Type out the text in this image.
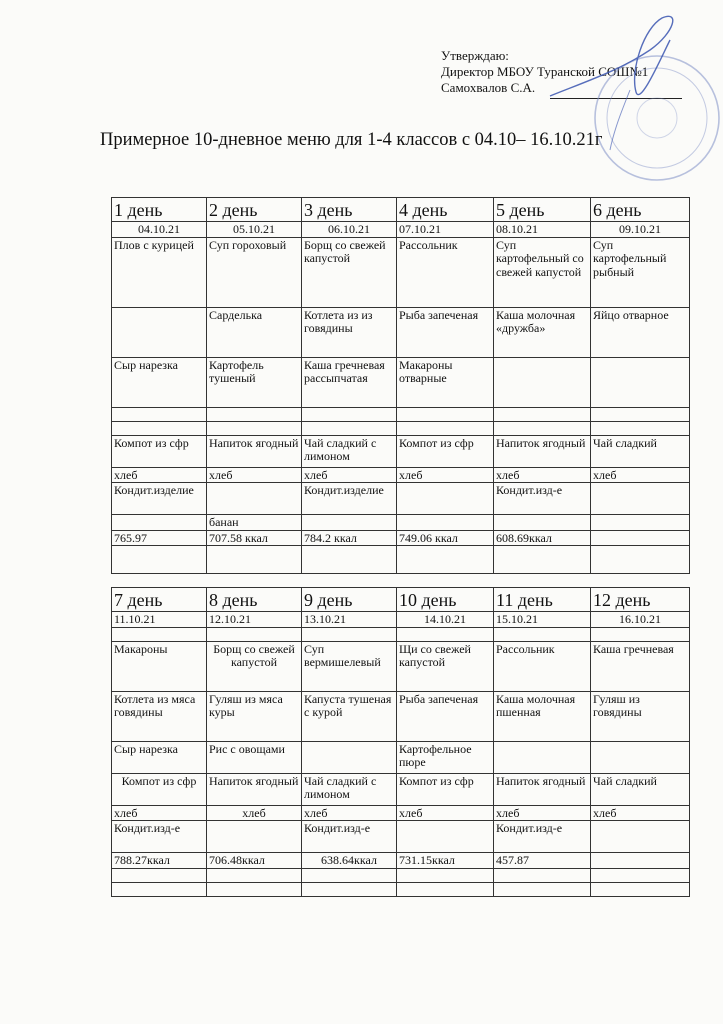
Утверждаю:
Директор МБОУ Туранской СОШ№1
Самохвалов С.А.
Примерное 10-дневное меню для 1-4 классов с 04.10– 16.10.21г
1 день	2 день	3 день	4 день	5 день	6 день
04.10.21	05.10.21	06.10.21	07.10.21	08.10.21	09.10.21
Плов с курицей	Суп гороховый	Борщ со свежей капустой	Рассольник	Суп картофельный со свежей капустой	Суп картофельный рыбный
	Сарделька	Котлета из из говядины	Рыба запеченая	Каша молочная «дружба»	Яйцо отварное
Сыр нарезка	Картофель тушеный	Каша гречневая рассыпчатая	Макароны отварные		

Компот из сфр	Напиток ягодный	Чай сладкий с лимоном	Компот из сфр	Напиток ягодный	Чай сладкий
хлеб	хлеб	хлеб	хлеб	хлеб	хлеб
Кондит.изделие		Кондит.изделие		Кондит.изд-е	
	банан				
765.97	707.58 ккал	784.2 ккал	749.06 ккал	608.69ккал	

7 день	8 день	9 день	10 день	11 день	12 день
11.10.21	12.10.21	13.10.21	14.10.21	15.10.21	16.10.21

Макароны	Борщ со свежей капустой	Суп вермишелевый	Щи со свежей капустой	Рассольник	Каша гречневая
Котлета из мяса говядины	Гуляш из мяса куры	Капуста тушеная с курой	Рыба запеченая	Каша молочная пшенная	Гуляш из говядины
Сыр нарезка	Рис с овощами		Картофельное пюре		
Компот из сфр	Напиток ягодный	Чай сладкий с лимоном	Компот из сфр	Напиток ягодный	Чай сладкий
хлеб	хлеб	хлеб	хлеб	хлеб	хлеб
Кондит.изд-е		Кондит.изд-е		Кондит.изд-е	
788.27ккал	706.48ккал	638.64ккал	731.15ккал	457.87	
